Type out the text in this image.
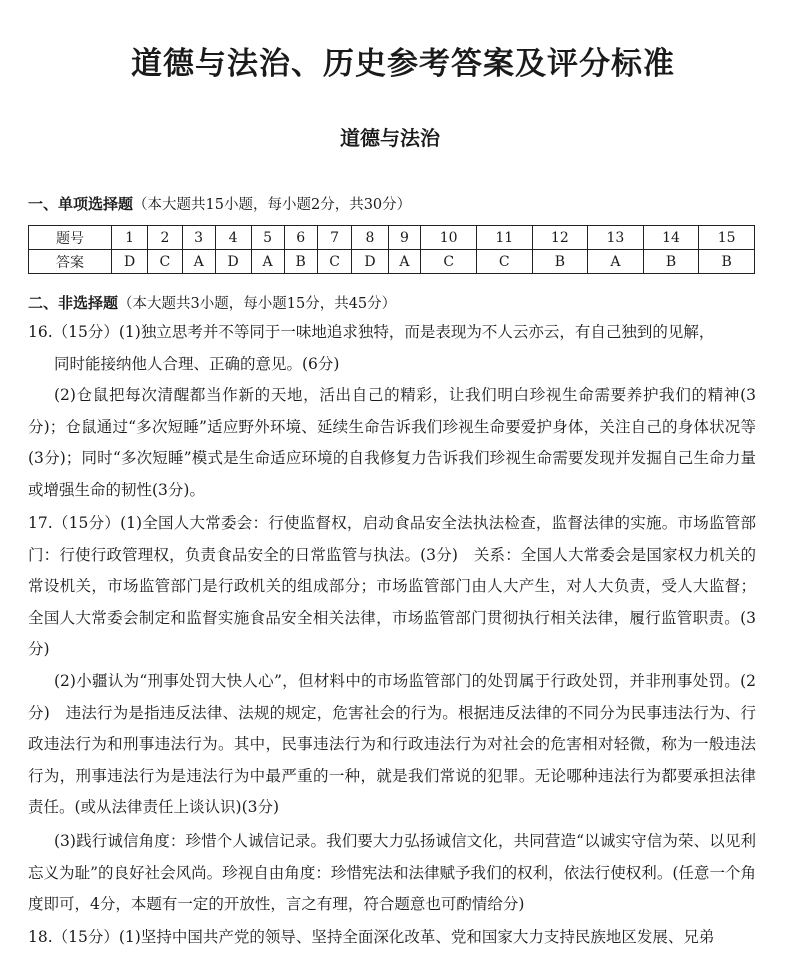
道德与法治、历史参考答案及评分标准
道德与法治
一、单项选择题（本大题共15小题，每小题2分，共30分）
题号	1	2	3	4	5	6	7	8	9	10	11	12	13	14	15
答案	D	C	A	D	A	B	C	D	A	C	C	B	A	B	B
二、非选择题（本大题共3小题，每小题15分，共45分）
16.（15分）(1)独立思考并不等同于一味地追求独特，而是表现为不人云亦云，有自己独到的见解，
同时能接纳他人合理、正确的意见。(6分)
(2)仓鼠把每次清醒都当作新的天地，活出自己的精彩，让我们明白珍视生命需要养护我们的精神(3分)；仓鼠通过“多次短睡”适应野外环境、延续生命告诉我们珍视生命要爱护身体，关注自己的身体状况等(3分)；同时“多次短睡”模式是生命适应环境的自我修复力告诉我们珍视生命需要发现并发掘自己生命力量或增强生命的韧性(3分)。
17.（15分）(1)全国人大常委会：行使监督权，启动食品安全法执法检查，监督法律的实施。市场监管部门：行使行政管理权，负责食品安全的日常监管与执法。(3分)　关系：全国人大常委会是国家权力机关的常设机关，市场监管部门是行政机关的组成部分；市场监管部门由人大产生，对人大负责，受人大监督；全国人大常委会制定和监督实施食品安全相关法律，市场监管部门贯彻执行相关法律，履行监管职责。(3分)
(2)小疆认为“刑事处罚大快人心”，但材料中的市场监管部门的处罚属于行政处罚，并非刑事处罚。(2分)　违法行为是指违反法律、法规的规定，危害社会的行为。根据违反法律的不同分为民事违法行为、行政违法行为和刑事违法行为。其中，民事违法行为和行政违法行为对社会的危害相对轻微，称为一般违法行为，刑事违法行为是违法行为中最严重的一种，就是我们常说的犯罪。无论哪种违法行为都要承担法律责任。(或从法律责任上谈认识)(3分)
(3)践行诚信角度：珍惜个人诚信记录。我们要大力弘扬诚信文化，共同营造“以诚实守信为荣、以见利忘义为耻”的良好社会风尚。珍视自由角度：珍惜宪法和法律赋予我们的权利，依法行使权利。(任意一个角度即可，4分，本题有一定的开放性，言之有理，符合题意也可酌情给分)
18.（15分）(1)坚持中国共产党的领导、坚持全面深化改革、党和国家大力支持民族地区发展、兄弟
